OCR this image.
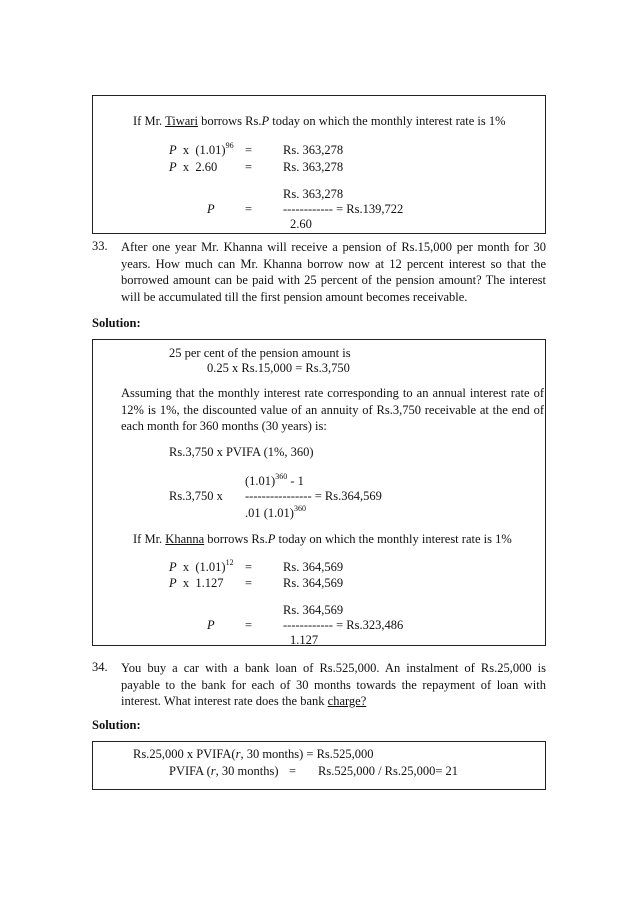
If Mr. Tiwari borrows Rs.P today on which the monthly interest rate is 1%
P  x  $(1.01)^{96} = Rs$. 363,278
P  x  2.60 = Rs. 363,278
Rs. 363,278
P = ------------ = Rs.139,722
2.60
33. After one year Mr. Khanna will receive a pension of Rs.15,000 per month for 30 years. How much can Mr. Khanna borrow now at 12 percent interest so that the borrowed amount can be paid with 25 percent of the pension amount? The interest will be accumulated till the first pension amount becomes receivable.
Solution:
25 per cent of the pension amount is
0.25 x Rs.15,000 = Rs.3,750
Assuming that the monthly interest rate corresponding to an annual interest rate of 12% is 1%, the discounted value of an annuity of Rs.3,750 receivable at the end of each month for 360 months (30 years) is:
Rs.3,750 x PVIFA (1%, 360)
$(1.01)^{360} - 1$
Rs.3,750 x ---------------- = Rs.364,569
.01 $(1.01)^{360}$
If Mr. Khanna borrows Rs.P today on which the monthly interest rate is 1%
P  x  $(1.01)^{12} = Rs$. 364,569
P  x  1.127 = Rs. 364,569
Rs. 364,569
P = ------------ = Rs.323,486
1.127
34. You buy a car with a bank loan of Rs.525,000. An instalment of Rs.25,000 is payable to the bank for each of 30 months towards the repayment of loan with interest. What interest rate does the bank charge?
Solution:
Rs.25,000 x PVIFA(r, 30 months) = Rs.525,000
PVIFA (r, 30 months) = Rs.525,000 / Rs.25,000= 21
